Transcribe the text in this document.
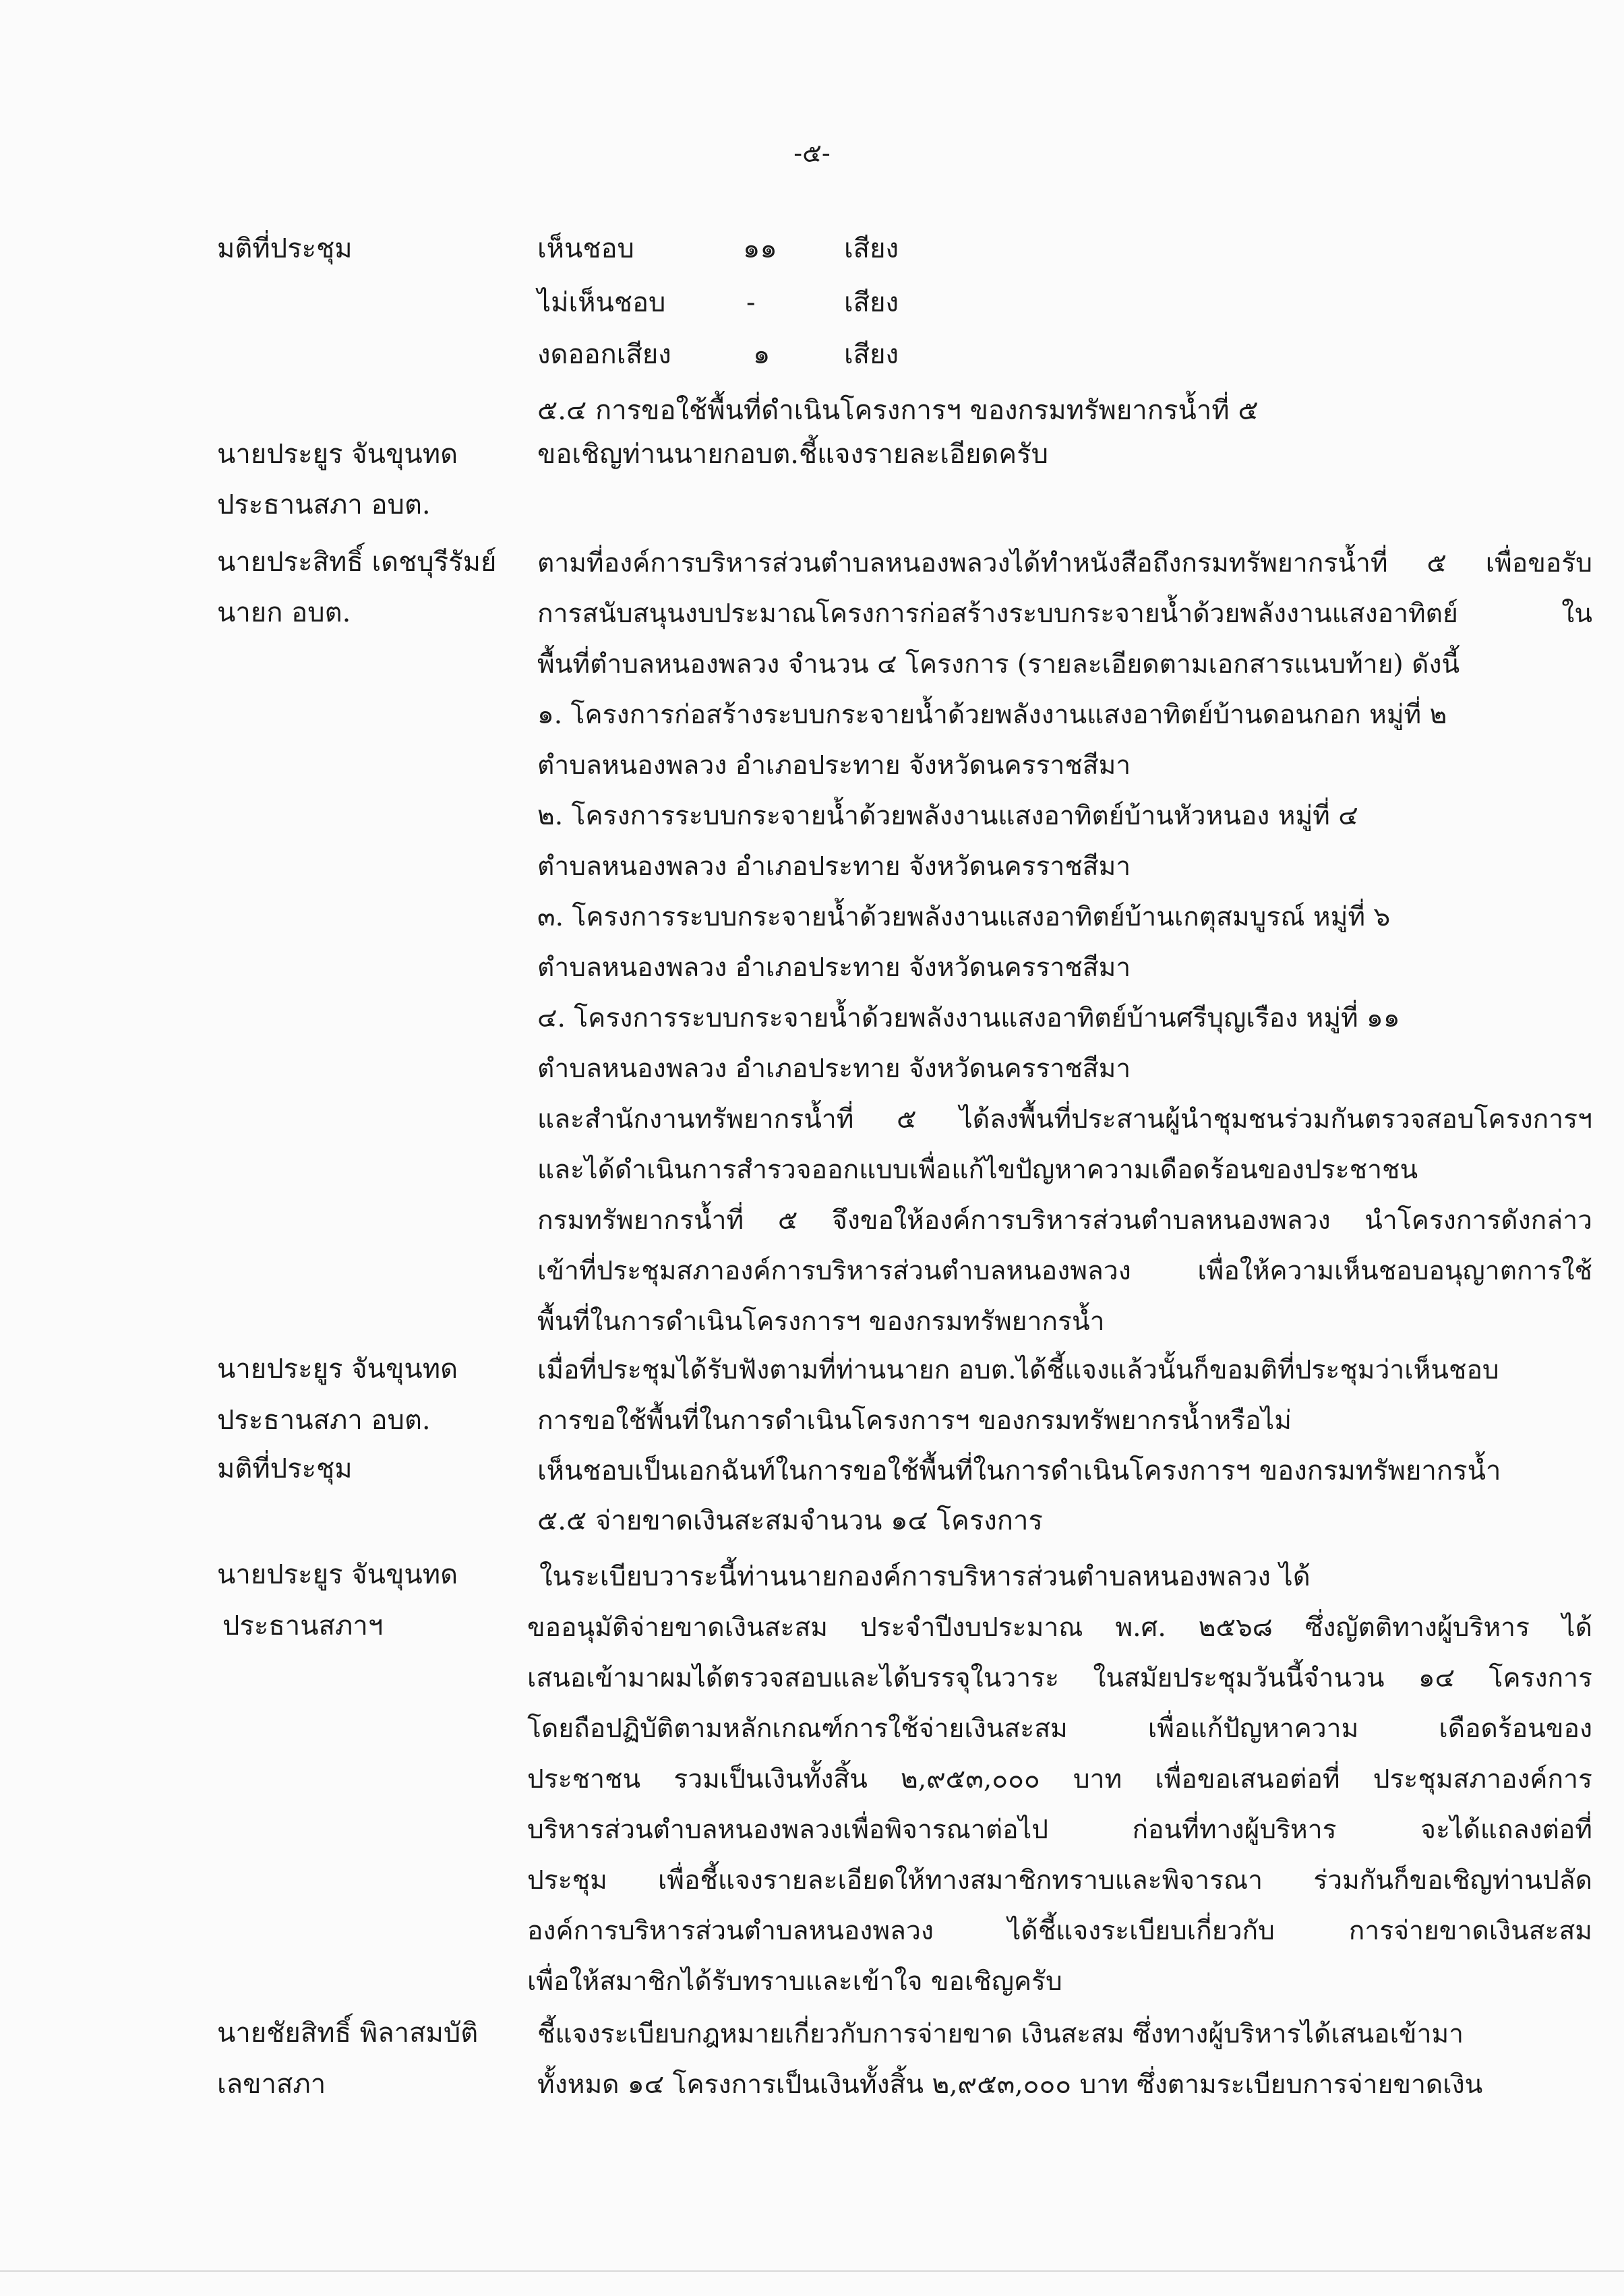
-๕-
มติที่ประชุม	เห็นชอบ	๑๑ เสียง
ไม่เห็นชอบ	-	เสียง
งดออกเสียง	๑	เสียง
๕.๔ การขอใช้พื้นที่ดำเนินโครงการฯ ของกรมทรัพยากรน้ำที่ ๕
นายประยูร จันขุนทด
ประธานสภา อบต.
ขอเชิญท่านนายกอบต.ชี้แจงรายละเอียดครับ
นายประสิทธิ์ เดชบุรีรัมย์
นายก อบต.
ตามที่องค์การบริหารส่วนตำบลหนองพลวงได้ทำหนังสือถึงกรมทรัพยากรน้ำที่ ๕ เพื่อขอรับ
การสนับสนุนงบประมาณโครงการก่อสร้างระบบกระจายน้ำด้วยพลังงานแสงอาทิตย์ ใน
พื้นที่ตำบลหนองพลวง จำนวน ๔ โครงการ (รายละเอียดตามเอกสารแนบท้าย) ดังนี้
๑. โครงการก่อสร้างระบบกระจายน้ำด้วยพลังงานแสงอาทิตย์บ้านดอนกอก หมู่ที่ ๒
ตำบลหนองพลวง อำเภอประทาย จังหวัดนครราชสีมา
๒. โครงการระบบกระจายน้ำด้วยพลังงานแสงอาทิตย์บ้านหัวหนอง หมู่ที่ ๔
ตำบลหนองพลวง อำเภอประทาย จังหวัดนครราชสีมา
๓. โครงการระบบกระจายน้ำด้วยพลังงานแสงอาทิตย์บ้านเกตุสมบูรณ์ หมู่ที่ ๖
ตำบลหนองพลวง อำเภอประทาย จังหวัดนครราชสีมา
๔. โครงการระบบกระจายน้ำด้วยพลังงานแสงอาทิตย์บ้านศรีบุญเรือง หมู่ที่ ๑๑
ตำบลหนองพลวง อำเภอประทาย จังหวัดนครราชสีมา
และสำนักงานทรัพยากรน้ำที่ ๕ ได้ลงพื้นที่ประสานผู้นำชุมชนร่วมกันตรวจสอบโครงการฯ
และได้ดำเนินการสำรวจออกแบบเพื่อแก้ไขปัญหาความเดือดร้อนของประชาชน
กรมทรัพยากรน้ำที่ ๕ จึงขอให้องค์การบริหารส่วนตำบลหนองพลวง นำโครงการดังกล่าว
เข้าที่ประชุมสภาองค์การบริหารส่วนตำบลหนองพลวง เพื่อให้ความเห็นชอบอนุญาตการใช้
พื้นที่ในการดำเนินโครงการฯ ของกรมทรัพยากรน้ำ
นายประยูร จันขุนทด
ประธานสภา อบต.
เมื่อที่ประชุมได้รับฟังตามที่ท่านนายก อบต.ได้ชี้แจงแล้วนั้นก็ขอมติที่ประชุมว่าเห็นชอบ
การขอใช้พื้นที่ในการดำเนินโครงการฯ ของกรมทรัพยากรน้ำหรือไม่
มติที่ประชุม	เห็นชอบเป็นเอกฉันท์ในการขอใช้พื้นที่ในการดำเนินโครงการฯ ของกรมทรัพยากรน้ำ
๕.๕ จ่ายขาดเงินสะสมจำนวน ๑๔ โครงการ
นายประยูร จันขุนทด
ประธานสภาฯ
ในระเบียบวาระนี้ท่านนายกองค์การบริหารส่วนตำบลหนองพลวง ได้
ขออนุมัติจ่ายขาดเงินสะสม ประจำปีงบประมาณ พ.ศ. ๒๕๖๘ ซึ่งญัตติทางผู้บริหาร ได้
เสนอเข้ามาผมได้ตรวจสอบและได้บรรจุในวาระ ในสมัยประชุมวันนี้จำนวน ๑๔ โครงการ
โดยถือปฏิบัติตามหลักเกณฑ์การใช้จ่ายเงินสะสม เพื่อแก้ปัญหาความ เดือดร้อนของ
ประชาชน รวมเป็นเงินทั้งสิ้น ๒,๙๕๓,๐๐๐ บาท เพื่อขอเสนอต่อที่ ประชุมสภาองค์การ
บริหารส่วนตำบลหนองพลวงเพื่อพิจารณาต่อไป ก่อนที่ทางผู้บริหาร จะได้แถลงต่อที่
ประชุม เพื่อชี้แจงรายละเอียดให้ทางสมาชิกทราบและพิจารณา ร่วมกันก็ขอเชิญท่านปลัด
องค์การบริหารส่วนตำบลหนองพลวง ได้ชี้แจงระเบียบเกี่ยวกับ การจ่ายขาดเงินสะสม
เพื่อให้สมาชิกได้รับทราบและเข้าใจ ขอเชิญครับ
นายชัยสิทธิ์ พิลาสมบัติ
เลขาสภา
ชี้แจงระเบียบกฎหมายเกี่ยวกับการจ่ายขาด เงินสะสม ซึ่งทางผู้บริหารได้เสนอเข้ามา
ทั้งหมด ๑๔ โครงการเป็นเงินทั้งสิ้น ๒,๙๕๓,๐๐๐ บาท ซึ่งตามระเบียบการจ่ายขาดเงิน
